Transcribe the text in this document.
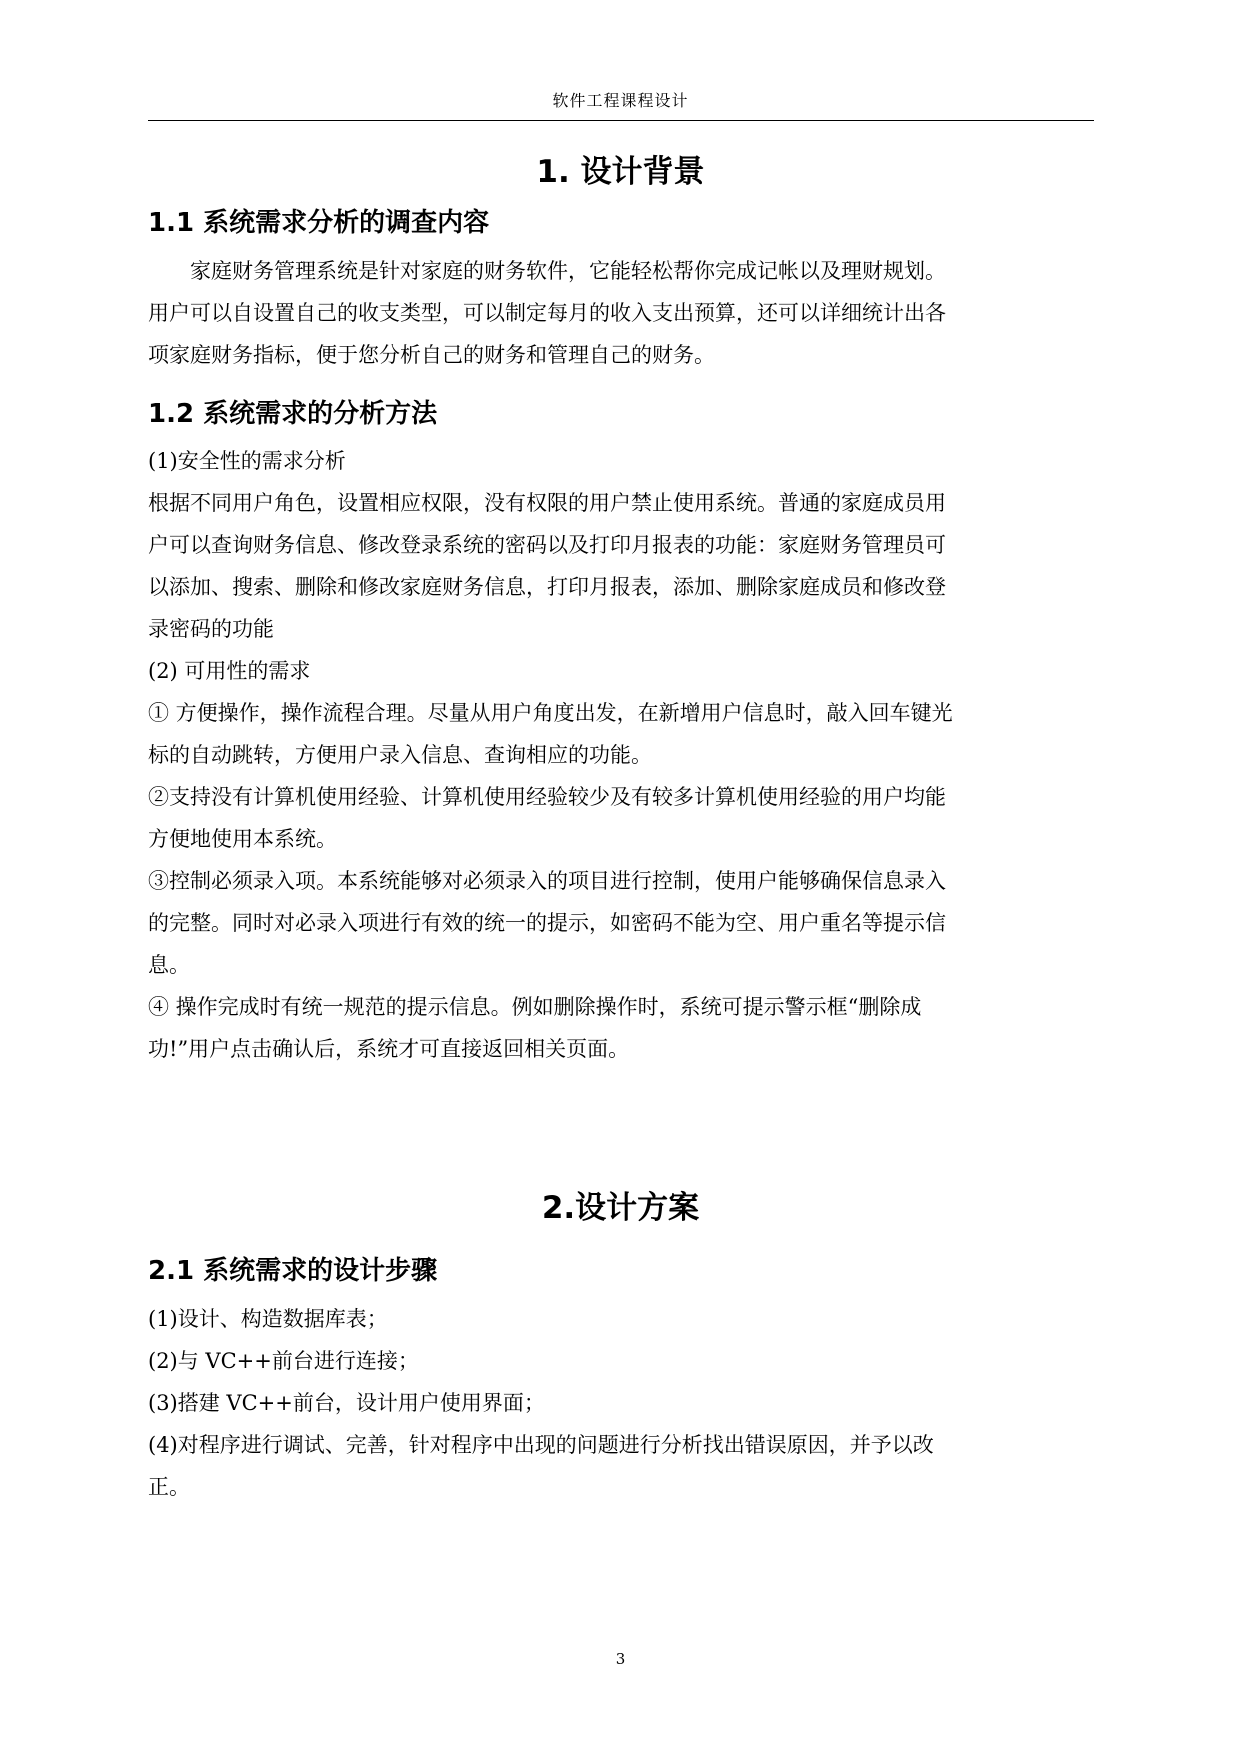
软件工程课程设计
1. 设计背景
1.1 系统需求分析的调查内容
家庭财务管理系统是针对家庭的财务软件，它能轻松帮你完成记帐以及理财规划。
用户可以自设置自己的收支类型，可以制定每月的收入支出预算，还可以详细统计出各
项家庭财务指标，便于您分析自己的财务和管理自己的财务。
1.2 系统需求的分析方法
(1)安全性的需求分析
根据不同用户角色，设置相应权限，没有权限的用户禁止使用系统。普通的家庭成员用
户可以查询财务信息、修改登录系统的密码以及打印月报表的功能：家庭财务管理员可
以添加、搜索、删除和修改家庭财务信息，打印月报表，添加、删除家庭成员和修改登
录密码的功能
(2) 可用性的需求
① 方便操作，操作流程合理。尽量从用户角度出发，在新增用户信息时，敲入回车键光
标的自动跳转，方便用户录入信息、查询相应的功能。
②支持没有计算机使用经验、计算机使用经验较少及有较多计算机使用经验的用户均能
方便地使用本系统。
③控制必须录入项。本系统能够对必须录入的项目进行控制，使用户能够确保信息录入
的完整。同时对必录入项进行有效的统一的提示，如密码不能为空、用户重名等提示信
息。
④ 操作完成时有统一规范的提示信息。例如删除操作时，系统可提示警示框“删除成
功!”用户点击确认后，系统才可直接返回相关页面。
2.设计方案
2.1 系统需求的设计步骤
(1)设计、构造数据库表；
(2)与 VC++前台进行连接；
(3)搭建 VC++前台，设计用户使用界面；
(4)对程序进行调试、完善，针对程序中出现的问题进行分析找出错误原因，并予以改
正。
3
